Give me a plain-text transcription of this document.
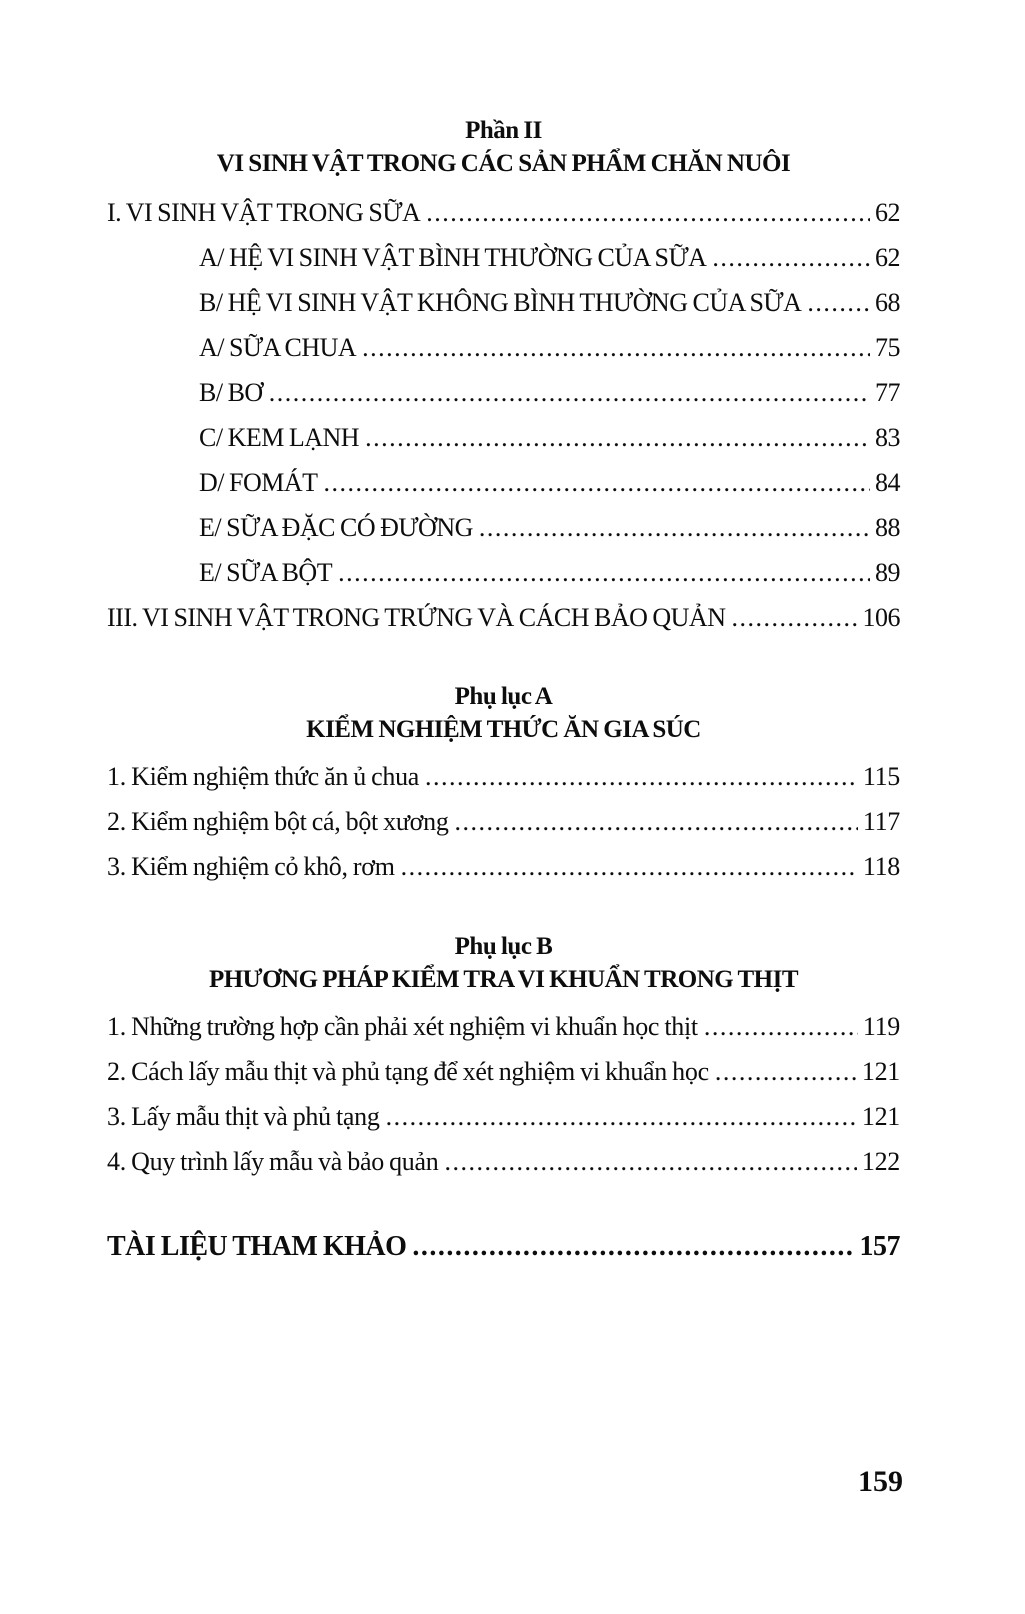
Phần II
VI SINH VẬT TRONG CÁC SẢN PHẨM CHĂN NUÔI
I. VI SINH VẬT TRONG SỮA .....	62
A/ HỆ VI SINH VẬT BÌNH THƯỜNG CỦA SỮA .....	62
B/ HỆ VI SINH VẬT KHÔNG BÌNH THƯỜNG CỦA SỮA .....	68
A/ SỮA CHUA .....	75
B/ BƠ .....	77
C/ KEM LẠNH .....	83
D/ FOMÁT .....	84
E/ SỮA ĐẶC CÓ ĐƯỜNG .....	88
E/ SỮA BỘT .....	89
III. VI SINH VẬT TRONG TRỨNG VÀ CÁCH BẢO QUẢN .....	106
Phụ lục A
KIỂM NGHIỆM THỨC ĂN GIA SÚC
1. Kiểm nghiệm thức ăn ủ chua .....	115
2. Kiểm nghiệm bột cá, bột xương .....	117
3. Kiểm nghiệm cỏ khô, rơm .....	118
Phụ lục B
PHƯƠNG PHÁP KIỂM TRA VI KHUẨN TRONG THỊT
1. Những trường hợp cần phải xét nghiệm vi khuẩn học thịt .....	119
2. Cách lấy mẫu thịt và phủ tạng để xét nghiệm vi khuẩn học .....	121
3. Lấy mẫu thịt và phủ tạng .....	121
4. Quy trình lấy mẫu và bảo quản .....	122
TÀI LIỆU THAM KHẢO .....	157
159
